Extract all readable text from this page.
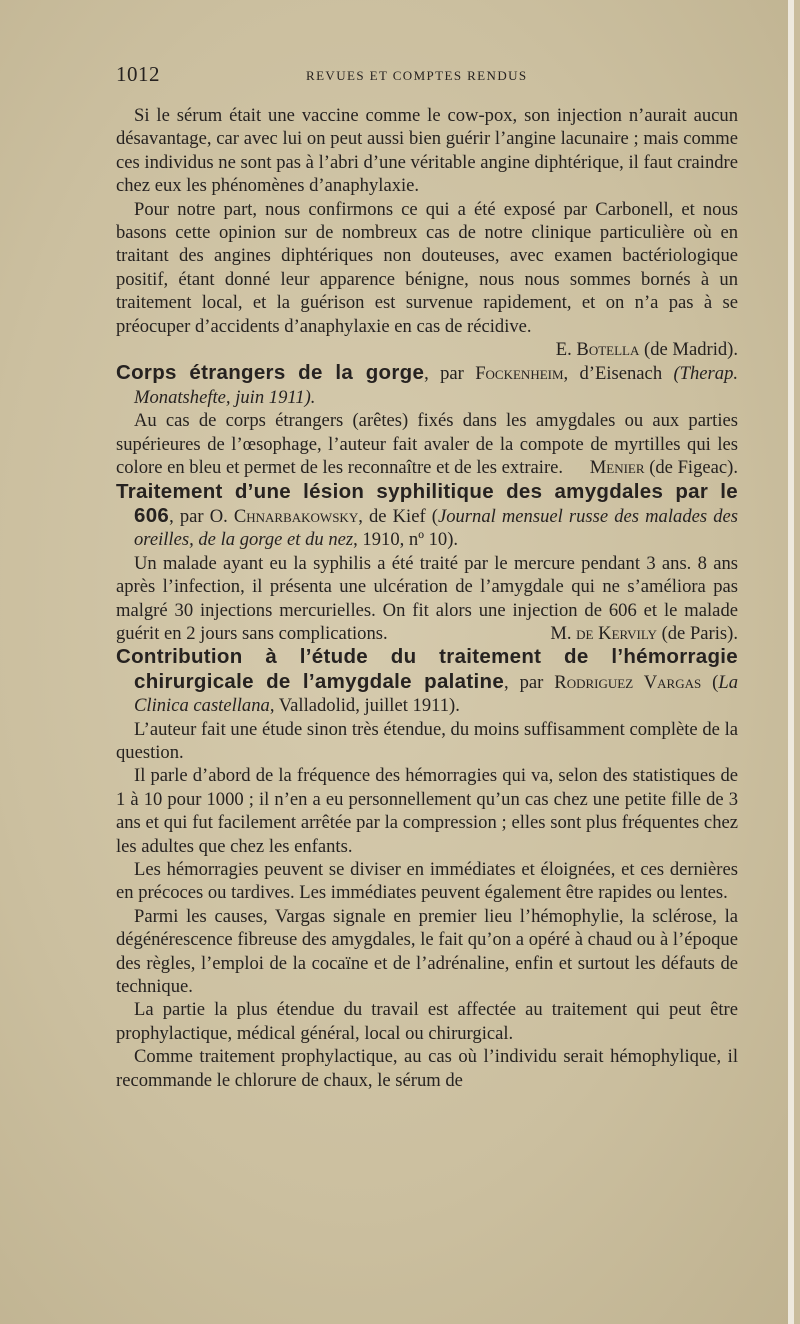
1012	REVUES ET COMPTES RENDUS

Si le sérum était une vaccine comme le cow-pox, son injection n’aurait aucun désavantage, car avec lui on peut aussi bien guérir l’angine lacunaire ; mais comme ces individus ne sont pas à l’abri d’une véritable angine diphtérique, il faut craindre chez eux les phénomènes d’anaphylaxie.

Pour notre part, nous confirmons ce qui a été exposé par Carbonell, et nous basons cette opinion sur de nombreux cas de notre clinique particulière où en traitant des angines diphtériques non douteuses, avec examen bactériologique positif, étant donné leur apparence bénigne, nous nous sommes bornés à un traitement local, et la guérison est survenue rapidement, et on n’a pas à se préocuper d’accidents d’anaphylaxie en cas de récidive.

E. Botella (de Madrid).

Corps étrangers de la gorge, par Fockenheim, d’Eisenach (Therap. Monatshefte, juin 1911).

Au cas de corps étrangers (arêtes) fixés dans les amygdales ou aux parties supérieures de l’œsophage, l’auteur fait avaler de la compote de myrtilles qui les colore en bleu et permet de les reconnaître et de les extraire.	Menier (de Figeac).

Traitement d’une lésion syphilitique des amygdales par le 606, par O. Chnarbakowsky, de Kief (Journal mensuel russe des malades des oreilles, de la gorge et du nez, 1910, nº 10).

Un malade ayant eu la syphilis a été traité par le mercure pendant 3 ans. 8 ans après l’infection, il présenta une ulcération de l’amygdale qui ne s’améliora pas malgré 30 injections mercurielles. On fit alors une injection de 606 et le malade guérit en 2 jours sans complications.	M. de Kervily (de Paris).

Contribution à l’étude du traitement de l’hémorragie chirurgicale de l’amygdale palatine, par Rodriguez Vargas (La Clinica castellana, Valladolid, juillet 1911).

L’auteur fait une étude sinon très étendue, du moins suffisamment complète de la question.

Il parle d’abord de la fréquence des hémorragies qui va, selon des statistiques de 1 à 10 pour 1000 ; il n’en a eu personnellement qu’un cas chez une petite fille de 3 ans et qui fut facilement arrêtée par la compression ; elles sont plus fréquentes chez les adultes que chez les enfants.

Les hémorragies peuvent se diviser en immédiates et éloignées, et ces dernières en précoces ou tardives. Les immédiates peuvent également être rapides ou lentes.

Parmi les causes, Vargas signale en premier lieu l’hémophylie, la sclérose, la dégénérescence fibreuse des amygdales, le fait qu’on a opéré à chaud ou à l’époque des règles, l’emploi de la cocaïne et de l’adrénaline, enfin et surtout les défauts de technique.

La partie la plus étendue du travail est affectée au traitement qui peut être prophylactique, médical général, local ou chirurgical.

Comme traitement prophylactique, au cas où l’individu serait hémophylique, il recommande le chlorure de chaux, le sérum de
